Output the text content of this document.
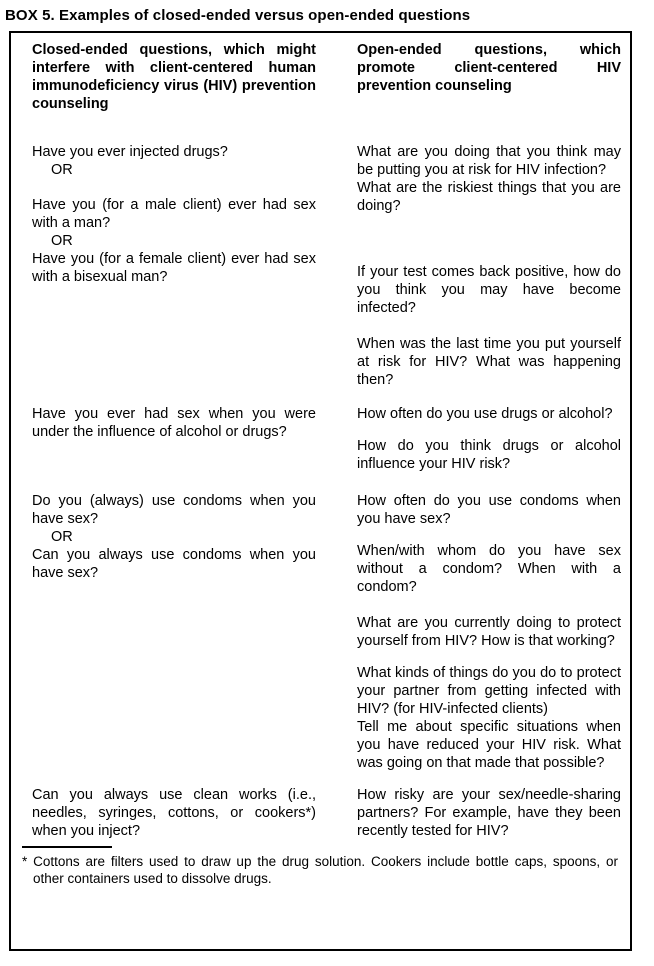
BOX 5. Examples of closed-ended versus open-ended questions
Closed-ended questions, which might interfere with client-centered human immunodeficiency virus (HIV) prevention counseling
Open-ended questions, which promote client-centered HIV prevention counseling

Have you ever injected drugs?

OR

Have you (for a male client) ever had sex with a man?

OR

Have you (for a female client) ever had sex with a bisexual man?

What are you doing that you think may be putting you at risk for HIV infection?

What are the riskiest things that you are doing?

If your test comes back positive, how do you think you may have become infected?

When was the last time you put yourself at risk for HIV? What was happening then?

Have you ever had sex when you were under the influence of alcohol or drugs?

How often do you use drugs or alcohol?

How do you think drugs or alcohol influence your HIV risk?

Do you (always) use condoms when you have sex?

OR

Can you always use condoms when you have sex?

How often do you use condoms when you have sex?

When/with whom do you have sex without a condom? When with a condom?

What are you currently doing to protect yourself from HIV? How is that working?

What kinds of things do you do to protect your partner from getting infected with HIV? (for HIV-infected clients)

Tell me about specific situations when you have reduced your HIV risk. What was going on that made that possible?

Can you always use clean works (i.e., needles, syringes, cottons, or cookers*) when you inject?

How risky are your sex/needle-sharing partners? For example, have they been recently tested for HIV?

* Cottons are filters used to draw up the drug solution. Cookers include bottle caps, spoons, or other containers used to dissolve drugs.
